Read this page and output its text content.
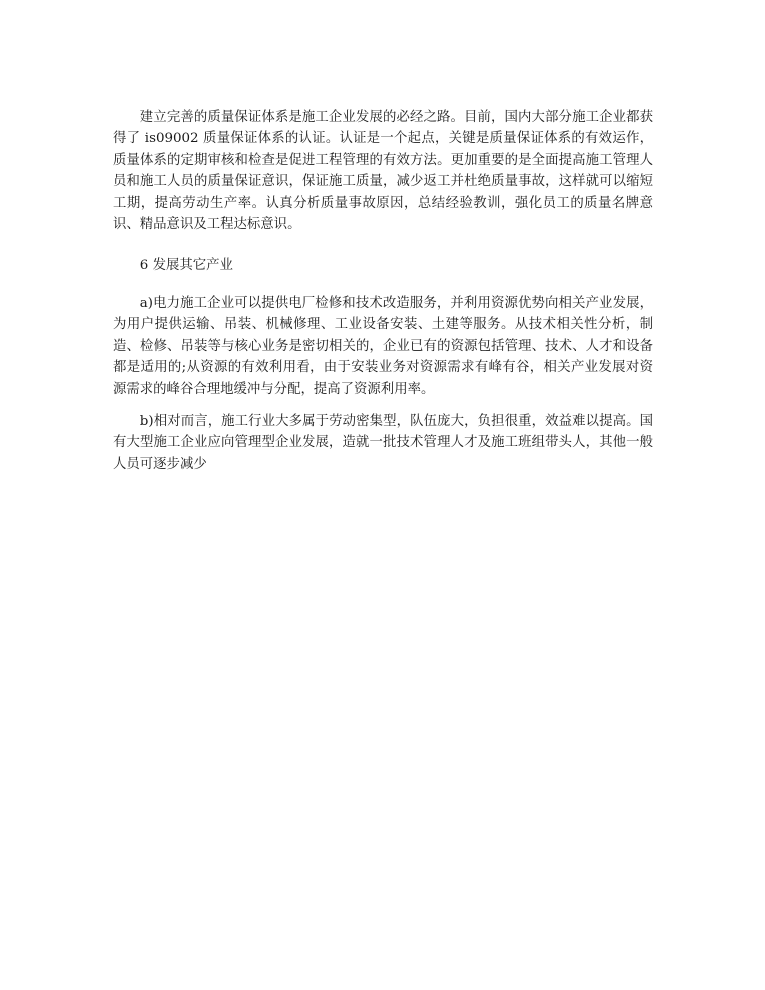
建立完善的质量保证体系是施工企业发展的必经之路。目前，国内大部分施工企业都获得了 is09002 质量保证体系的认证。认证是一个起点，关键是质量保证体系的有效运作，质量体系的定期审核和检查是促进工程管理的有效方法。更加重要的是全面提高施工管理人员和施工人员的质量保证意识，保证施工质量，减少返工并杜绝质量事故，这样就可以缩短工期，提高劳动生产率。认真分析质量事故原因，总结经验教训，强化员工的质量名牌意识、精品意识及工程达标意识。

6 发展其它产业

a)电力施工企业可以提供电厂检修和技术改造服务，并利用资源优势向相关产业发展，为用户提供运输、吊装、机械修理、工业设备安装、土建等服务。从技术相关性分析，制造、检修、吊装等与核心业务是密切相关的，企业已有的资源包括管理、技术、人才和设备都是适用的;从资源的有效利用看，由于安装业务对资源需求有峰有谷，相关产业发展对资源需求的峰谷合理地缓冲与分配，提高了资源利用率。

b)相对而言，施工行业大多属于劳动密集型，队伍庞大，负担很重，效益难以提高。国有大型施工企业应向管理型企业发展，造就一批技术管理人才及施工班组带头人，其他一般人员可逐步减少
